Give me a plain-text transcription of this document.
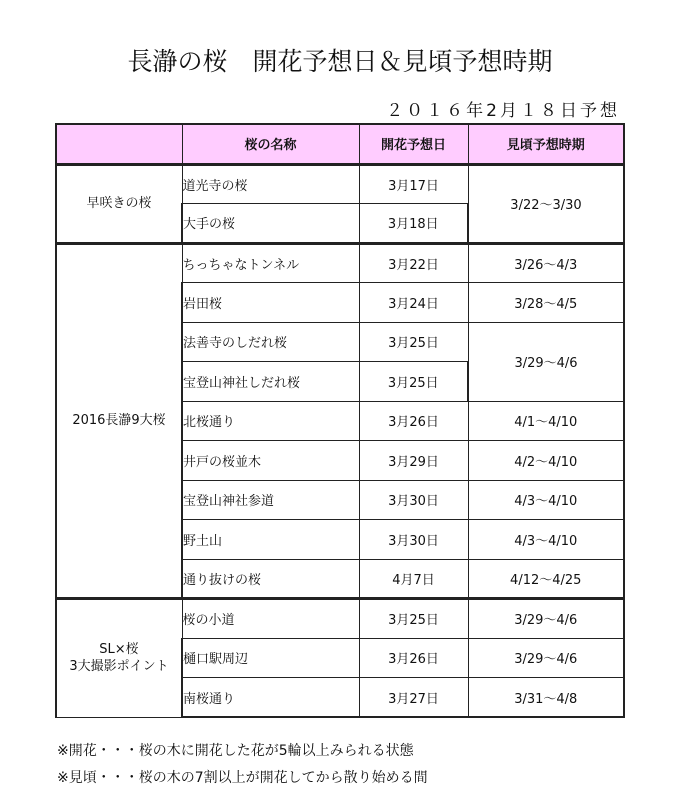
長瀞の桜　開花予想日＆見頃予想時期
２０１６年2月１８日予想
	桜の名称	開花予想日	見頃予想時期
早咲きの桜	道光寺の桜	3月17日	3/22～3/30
	大手の桜	3月18日	
2016長瀞9大桜	ちっちゃなトンネル	3月22日	3/26～4/3
	岩田桜	3月24日	3/28～4/5
	法善寺のしだれ桜	3月25日	3/29～4/6
	宝登山神社しだれ桜	3月25日	
	北桜通り	3月26日	4/1～4/10
	井戸の桜並木	3月29日	4/2～4/10
	宝登山神社参道	3月30日	4/3～4/10
	野土山	3月30日	4/3～4/10
	通り抜けの桜	4月7日	4/12～4/25

SL×桜
3大撮影ポイント	桜の小道	3月25日	3/29～4/6
	樋口駅周辺	3月26日	3/29～4/6
	南桜通り	3月27日	3/31～4/8
※開花・・・桜の木に開花した花が5輪以上みられる状態
※見頃・・・桜の木の7割以上が開花してから散り始める間
